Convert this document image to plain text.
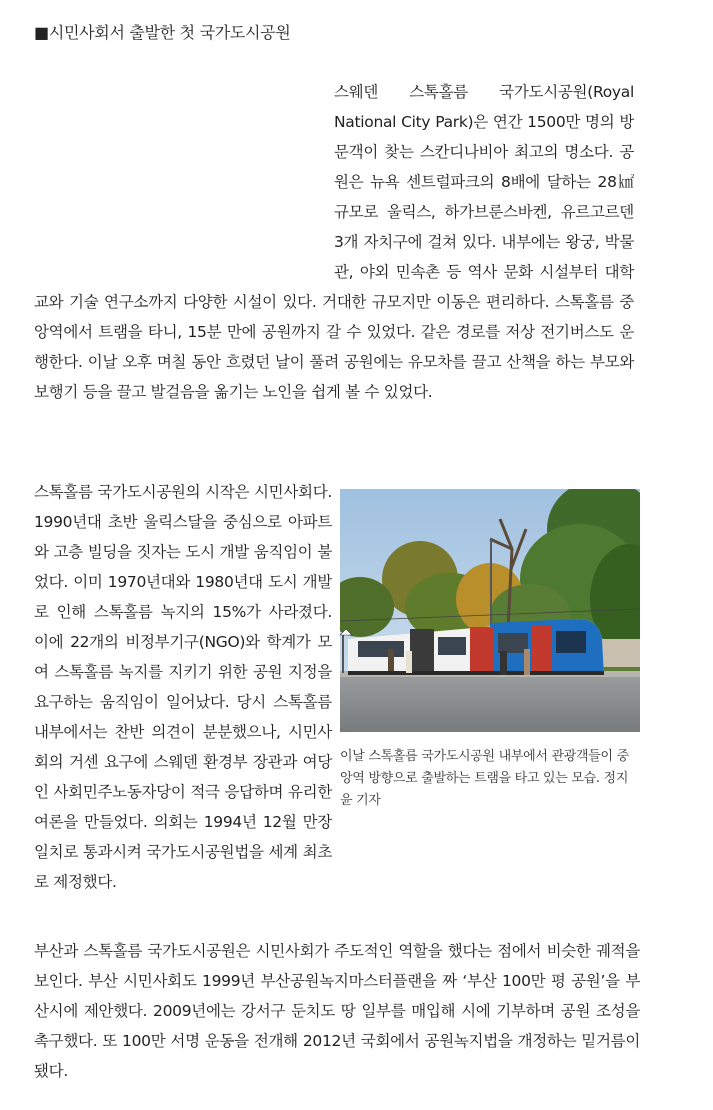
■시민사회서 출발한 첫 국가도시공원

스웨덴 스톡홀름 국가도시공원(Royal National City Park)은 연간 1500만 명의 방문객이 찾는 스칸디나비아 최고의 명소다. 공원은 뉴욕 센트럴파크의 8배에 달하는 28㎢ 규모로 울릭스, 하가브룬스바켄, 유르고르덴 3개 자치구에 걸쳐 있다. 내부에는 왕궁, 박물관, 야외 민속촌 등 역사 문화 시설부터 대학교와 기술 연구소까지 다양한 시설이 있다. 거대한 규모지만 이동은 편리하다. 스톡홀름 중앙역에서 트램을 타니, 15분 만에 공원까지 갈 수 있었다. 같은 경로를 저상 전기버스도 운행한다. 이날 오후 며칠 동안 흐렸던 날이 풀려 공원에는 유모차를 끌고 산책을 하는 부모와 보행기 등을 끌고 발걸음을 옮기는 노인을 쉽게 볼 수 있었다.

스톡홀름 국가도시공원의 시작은 시민사회다. 1990년대 초반 울릭스달을 중심으로 아파트와 고층 빌딩을 짓자는 도시 개발 움직임이 불었다. 이미 1970년대와 1980년대 도시 개발로 인해 스톡홀름 녹지의 15%가 사라졌다. 이에 22개의 비정부기구(NGO)와 학계가 모여 스톡홀름 녹지를 지키기 위한 공원 지정을 요구하는 움직임이 일어났다. 당시 스톡홀름 내부에서는 찬반 의견이 분분했으나, 시민사회의 거센 요구에 스웨덴 환경부 장관과 여당인 사회민주노동자당이 적극 응답하며 유리한 여론을 만들었다. 의회는 1994년 12월 만장일치로 통과시켜 국가도시공원법을 세계 최초로 제정했다.

이날 스톡홀름 국가도시공원 내부에서 관광객들이 중앙역 방향으로 출발하는 트램을 타고 있는 모습. 정지윤 기자

부산과 스톡홀름 국가도시공원은 시민사회가 주도적인 역할을 했다는 점에서 비슷한 궤적을 보인다. 부산 시민사회도 1999년 부산공원녹지마스터플랜을 짜 ‘부산 100만 평 공원’을 부산시에 제안했다. 2009년에는 강서구 둔치도 땅 일부를 매입해 시에 기부하며 공원 조성을 촉구했다. 또 100만 서명 운동을 전개해 2012년 국회에서 공원녹지법을 개정하는 밑거름이 됐다.
